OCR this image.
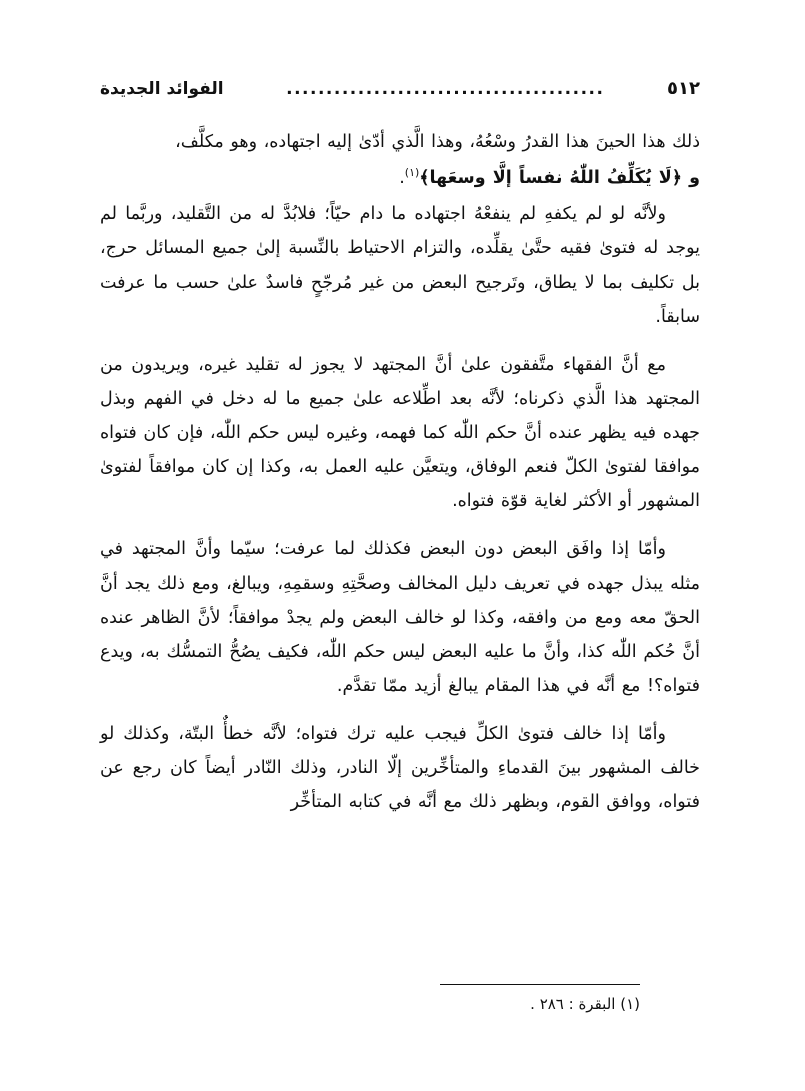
الفوائد الجديدة	........................................	٥١٢

ذلك هذا الحينَ هذا القدرُ وسْعُهُ، وهذا الَّذي أدّىٰ إليه اجتهاده، وهو مكلَّف،

و ﴿لَا يُكَلِّفُ اللّٰهُ نفساً إلَّا وسعَها﴾$^{(١)}$.

ولأنَّه لو لم يكفهِ لم ينفعْهُ اجتهاده ما دام حيّاً؛ فلابُدَّ له من التَّقليد، وربَّما لم يوجد له فتوىٰ فقيه حتَّىٰ يقلِّده، والتزام الاحتياط بالنِّسبة إلىٰ جميع المسائل حرج، بل تكليف بما لا يطاق، وتَرجيح البعض من غير مُرجّحٍ فاسدٌ علىٰ حسب ما عرفت سابقاً.

مع أنَّ الفقهاء متَّفقون علىٰ أنَّ المجتهد لا يجوز له تقليد غيره، ويريدون من المجتهد هذا الَّذي ذكرناه؛ لأنَّه بعد اطِّلاعه علىٰ جميع ما له دخل في الفهم وبذل جهده فيه يظهر عنده أنَّ حكم اللّٰه كما فهمه، وغيره ليس حكم اللّٰه، فإن كان فتواه موافقا لفتوىٰ الكلّ فنعم الوفاق، ويتعيَّن عليه العمل به، وكذا إن كان موافقاً لفتوىٰ المشهور أو الأكثر لغاية قوّة فتواه.

وأمّا إذا وافَق البعض دون البعض فكذلك لما عرفت؛ سيّما وأنَّ المجتهد في مثله يبذل جهده في تعريف دليل المخالف وصحَّتِهِ وسقمِهِ، ويبالغ، ومع ذلك يجد أنَّ الحقّ معه ومع من وافقه، وكذا لو خالف البعض ولم يجدْ موافقاً؛ لأنَّ الظاهر عنده أنَّ حُكم اللّٰه كذا، وأنَّ ما عليه البعض ليس حكم اللّٰه، فكيف يصُحُّ التمسُّك به، ويدع فتواه؟! مع أنَّه في هذا المقام يبالغ أزيد ممّا تقدَّم.

وأمّا إذا خالف فتوىٰ الكلِّ فيجب عليه ترك فتواه؛ لأنَّه خطأٌ البتّة، وكذلك لو خالف المشهور بينَ القدماءِ والمتأخِّرين إلّا النادر، وذلك النّادر أيضاً كان رجع عن فتواه، ووافق القوم، وبظهر ذلك مع أنَّه في كتابه المتأخِّر

(١) البقرة : ٢٨٦ .
